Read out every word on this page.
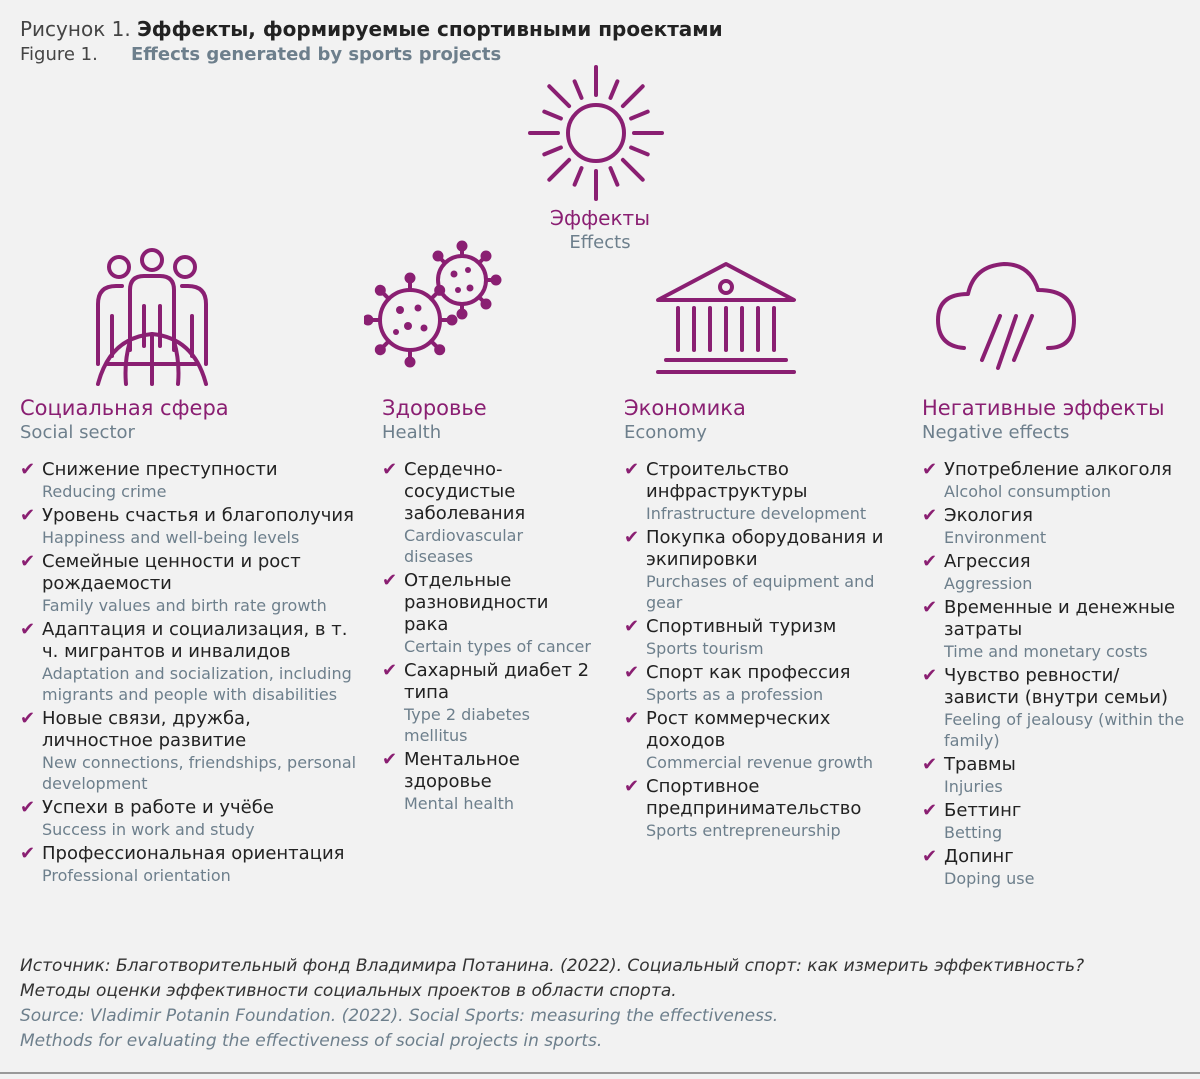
Рисунок 1. Эффекты, формируемые спортивными проектами
Figure 1. Effects generated by sports projects
Эффекты
Effects
Социальная сфера
Social sector
✔ Снижение преступности
Reducing crime
✔ Уровень счастья и благополучия
Happiness and well-being levels
✔ Семейные ценности и рост рождаемости
Family values and birth rate growth
✔ Адаптация и социализация, в т. ч. мигрантов и инвалидов
Adaptation and socialization, including migrants and people with disabilities
✔ Новые связи, дружба, личностное развитие
New connections, friendships, personal development
✔ Успехи в работе и учёбе
Success in work and study
✔ Профессиональная ориентация
Professional orientation
Здоровье
Health
✔ Сердечно-сосудистые заболевания
Cardiovascular diseases
✔ Отдельные разновидности рака
Certain types of cancer
✔ Сахарный диабет 2 типа
Type 2 diabetes mellitus
✔ Ментальное здоровье
Mental health
Экономика
Economy
✔ Строительство инфраструктуры
Infrastructure development
✔ Покупка оборудования и экипировки
Purchases of equipment and gear
✔ Спортивный туризм
Sports tourism
✔ Спорт как профессия
Sports as a profession
✔ Рост коммерческих доходов
Commercial revenue growth
✔ Спортивное предпринимательство
Sports entrepreneurship
Негативные эффекты
Negative effects
✔ Употребление алкоголя
Alcohol consumption
✔ Экология
Environment
✔ Агрессия
Aggression
✔ Временные и денежные затраты
Time and monetary costs
✔ Чувство ревности/ зависти (внутри семьи)
Feeling of jealousy (within the family)
✔ Травмы
Injuries
✔ Беттинг
Betting
✔ Допинг
Doping use
Источник: Благотворительный фонд Владимира Потанина. (2022). Социальный спорт: как измерить эффективность?
Методы оценки эффективности социальных проектов в области спорта.
Source: Vladimir Potanin Foundation. (2022). Social Sports: measuring the effectiveness.
Methods for evaluating the effectiveness of social projects in sports.
